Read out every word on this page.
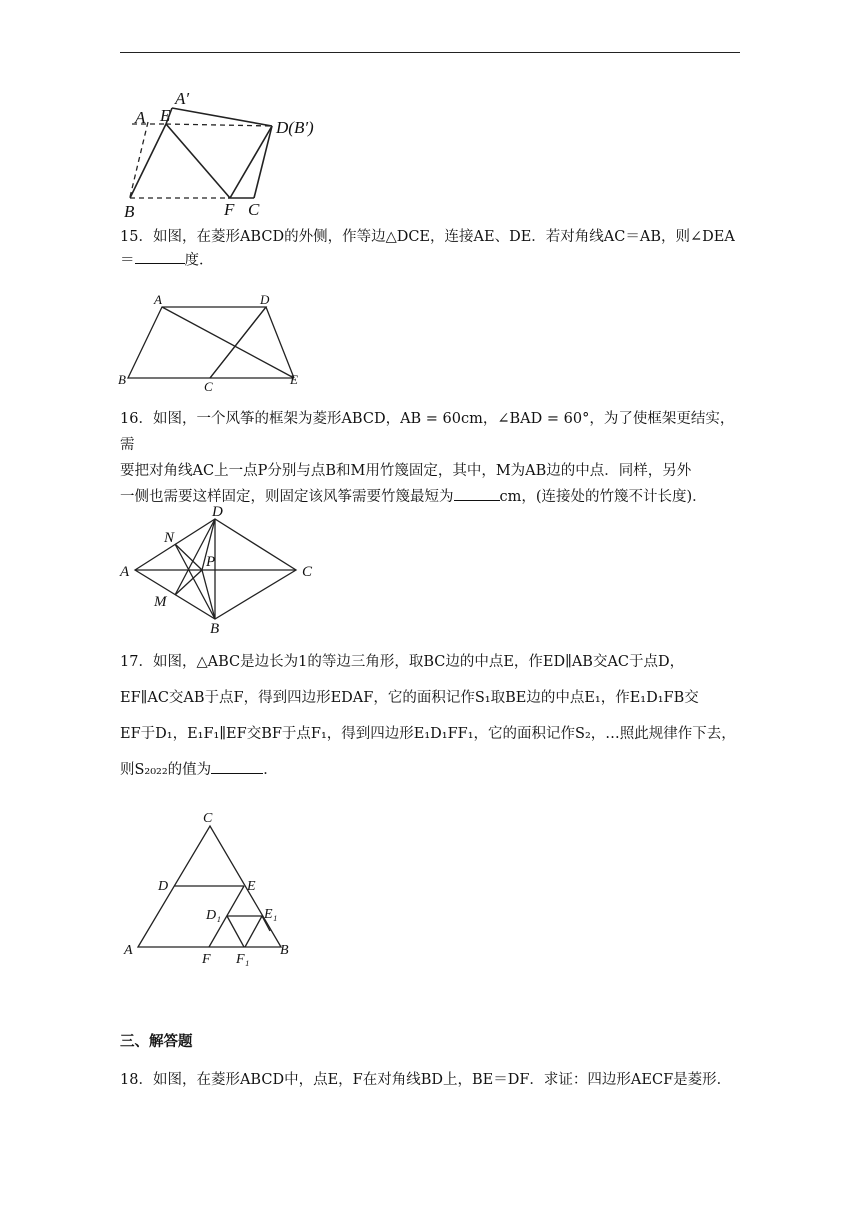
A E
A′
D(B′)
B	F C
15．如图，在菱形ABCD的外侧，作等边△DCE，连接AE、DE．若对角线AC＝AB，则∠DEA
＝	度．
A	D
B	C	E
16．如图，一个风筝的框架为菱形ABCD，AB = 60cm，∠BAD = 60°，为了使框架更结实，需
要把对角线AC上一点P分别与点B和M用竹篾固定，其中，M为AB边的中点．同样，另外
一侧也需要这样固定，则固定该风筝需要竹篾最短为	cm，(连接处的竹篾不计长度)．
D
N
P
A	C
M
B
17．如图，△ABC是边长为1的等边三角形，取BC边的中点E，作ED∥AB交AC于点D，
EF∥AC交AB于点F，得到四边形EDAF，它的面积记作S₁取BE边的中点E₁，作E₁D₁FB交
EF于D₁，E₁F₁∥EF交BF于点F₁，得到四边形E₁D₁FF₁，它的面积记作S₂，…照此规律作下去，
则S₂₀₂₂的值为	．
C
D	E
D₁	E₁
A
F F₁
B
三、解答题
18．如图，在菱形ABCD中，点E，F在对角线BD上，BE＝DF．求证：四边形AECF是菱形．
